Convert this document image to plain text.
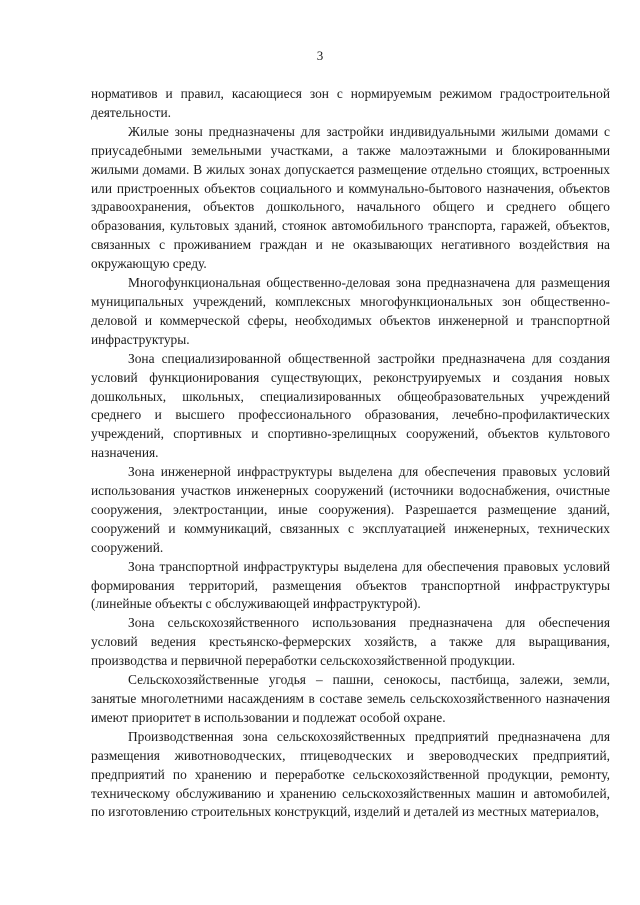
3

нормативов и правил, касающиеся зон с нормируемым режимом градостроительной деятельности.

Жилые зоны предназначены для застройки индивидуальными жилыми домами с приусадебными земельными участками, а также малоэтажными и блокированными жилыми домами. В жилых зонах допускается размещение отдельно стоящих, встроенных или пристроенных объектов социального и коммунально-бытового назначения, объектов здравоохранения, объектов дошкольного, начального общего и среднего общего образования, культовых зданий, стоянок автомобильного транспорта, гаражей, объектов, связанных с проживанием граждан и не оказывающих негативного воздействия на окружающую среду.

Многофункциональная общественно-деловая зона предназначена для размещения муниципальных учреждений, комплексных многофункциональных зон общественно-деловой и коммерческой сферы, необходимых объектов инженерной и транспортной инфраструктуры.

Зона специализированной общественной застройки предназначена для создания условий функционирования существующих, реконструируемых и создания новых дошкольных, школьных, специализированных общеобразовательных учреждений среднего и высшего профессионального образования, лечебно-профилактических учреждений, спортивных и спортивно-зрелищных сооружений, объектов культового назначения.

Зона инженерной инфраструктуры выделена для обеспечения правовых условий использования участков инженерных сооружений (источники водоснабжения, очистные сооружения, электростанции, иные сооружения). Разрешается размещение зданий, сооружений и коммуникаций, связанных с эксплуатацией инженерных, технических сооружений.

Зона транспортной инфраструктуры выделена для обеспечения правовых условий формирования территорий, размещения объектов транспортной инфраструктуры (линейные объекты с обслуживающей инфраструктурой).

Зона сельскохозяйственного использования предназначена для обеспечения условий ведения крестьянско-фермерских хозяйств, а также для выращивания, производства и первичной переработки сельскохозяйственной продукции.

Сельскохозяйственные угодья – пашни, сенокосы, пастбища, залежи, земли, занятые многолетними насаждениям в составе земель сельскохозяйственного назначения имеют приоритет в использовании и подлежат особой охране.

Производственная зона сельскохозяйственных предприятий предназначена для размещения животноводческих, птицеводческих и звероводческих предприятий, предприятий по хранению и переработке сельскохозяйственной продукции, ремонту, техническому обслуживанию и хранению сельскохозяйственных машин и автомобилей, по изготовлению строительных конструкций, изделий и деталей из местных материалов,
